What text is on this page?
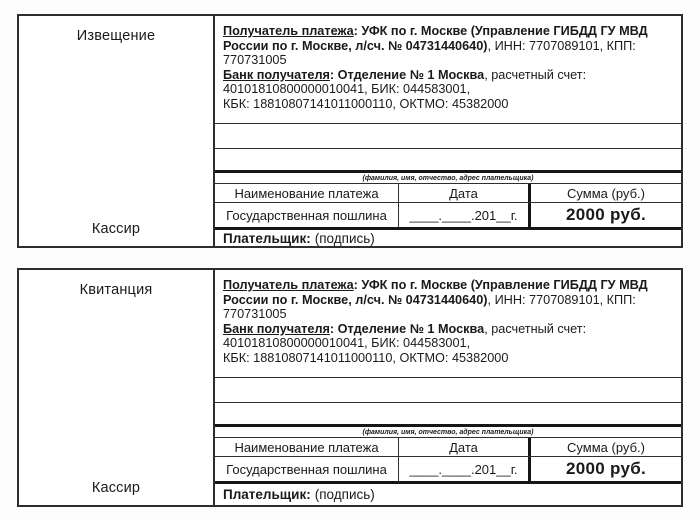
Извещение
Кассир
Получатель платежа: УФК по г. Москве (Управление ГИБДД ГУ МВД России по г. Москве, л/сч. № 04731440640), ИНН: 7707089101, КПП: 770731005
Банк получателя: Отделение № 1 Москва, расчетный счет: 40101810800000010041, БИК: 044583001,
КБК: 18810807141011000110, ОКТМО: 45382000
(фамилия, имя, отчество, адрес плательщика)
Наименование платежа	Дата	Сумма (руб.)
Государственная пошлина	____.____.201__г.	2000 руб.
Плательщик: (подпись)
Квитанция
Кассир
Получатель платежа: УФК по г. Москве (Управление ГИБДД ГУ МВД России по г. Москве, л/сч. № 04731440640), ИНН: 7707089101, КПП: 770731005
Банк получателя: Отделение № 1 Москва, расчетный счет: 40101810800000010041, БИК: 044583001,
КБК: 18810807141011000110, ОКТМО: 45382000
(фамилия, имя, отчество, адрес плательщика)
Наименование платежа	Дата	Сумма (руб.)
Государственная пошлина	____.____.201__г.	2000 руб.
Плательщик: (подпись)
